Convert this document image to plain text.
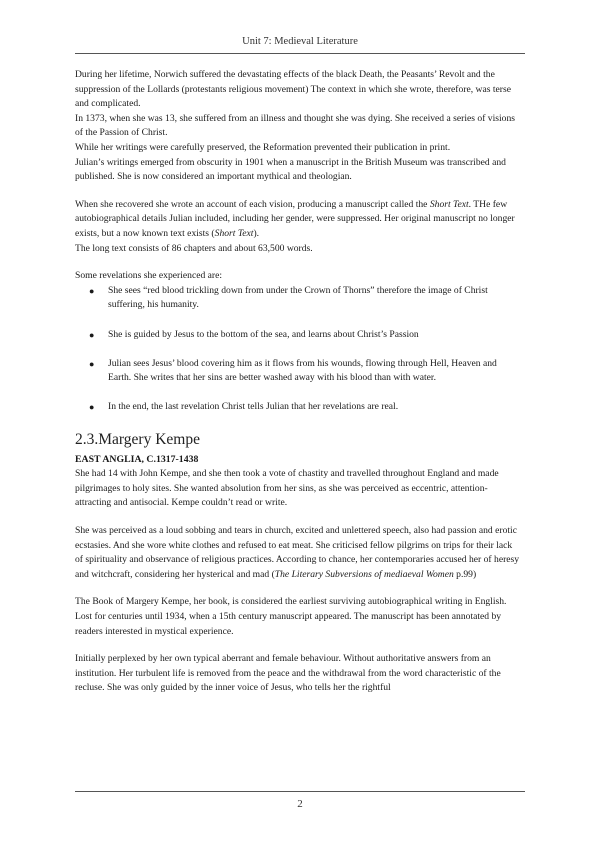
Unit 7: Medieval Literature

During her lifetime, Norwich suffered the devastating effects of the black Death, the Peasants’ Revolt and the suppression of the Lollards (protestants religious movement) The context in which she wrote, therefore, was terse and complicated.

In 1373, when she was 13, she suffered from an illness and thought she was dying. She received a series of visions of the Passion of Christ.

While her writings were carefully preserved, the Reformation prevented their publication in print.

Julian’s writings emerged from obscurity in 1901 when a manuscript in the British Museum was transcribed and published. She is now considered an important mythical and theologian.

When she recovered she wrote an account of each vision, producing a manuscript called the Short Text. THe few autobiographical details Julian included, including her gender, were suppressed. Her original manuscript no longer exists, but a now known text exists (Short Text).

The long text consists of 86 chapters and about 63,500 words.

Some revelations she experienced are:

● She sees “red blood trickling down from under the Crown of Thorns” therefore the image of Christ suffering, his humanity.
● She is guided by Jesus to the bottom of the sea, and learns about Christ’s Passion
● Julian sees Jesus’ blood covering him as it flows from his wounds, flowing through Hell, Heaven and Earth. She writes that her sins are better washed away with his blood than with water.
● In the end, the last revelation Christ tells Julian that her revelations are real.
2.3.Margery Kempe
EAST ANGLIA, C.1317-1438

She had 14 with John Kempe, and she then took a vote of chastity and travelled throughout England and made pilgrimages to holy sites. She wanted absolution from her sins, as she was perceived as eccentric, attention-attracting and antisocial. Kempe couldn’t read or write.

She was perceived as a loud sobbing and tears in church, excited and unlettered speech, also had passion and erotic ecstasies. And she wore white clothes and refused to eat meat. She criticised fellow pilgrims on trips for their lack of spirituality and observance of religious practices. According to chance, her contemporaries accused her of heresy and witchcraft, considering her hysterical and mad (The Literary Subversions of mediaeval Women p.99)

The Book of Margery Kempe, her book, is considered the earliest surviving autobiographical writing in English. Lost for centuries until 1934, when a 15th century manuscript appeared. The manuscript has been annotated by readers interested in mystical experience.

Initially perplexed by her own typical aberrant and female behaviour. Without authoritative answers from an institution. Her turbulent life is removed from the peace and the withdrawal from the word characteristic of the recluse. She was only guided by the inner voice of Jesus, who tells her the rightful

2
